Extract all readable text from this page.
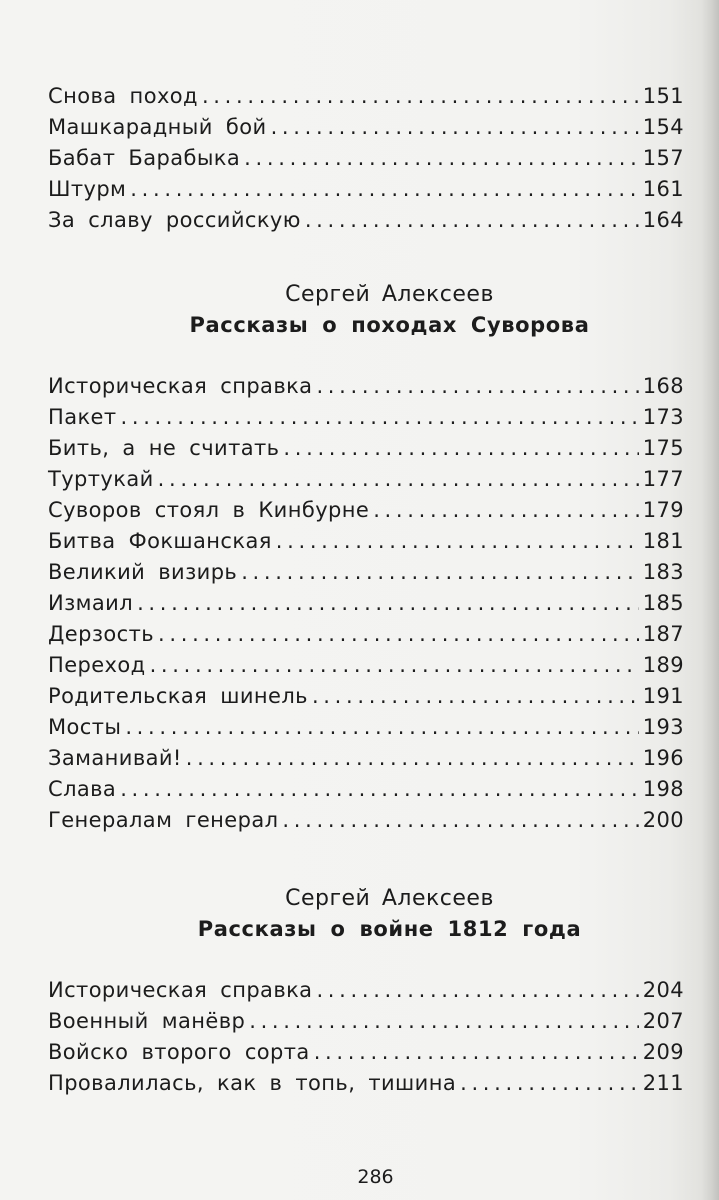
Снова поход . . .	151
Машкарадный бой . . .	154
Бабат Барабыка . . .	157
Штурм . . .	161
За славу российскую . . .	164
Сергей Алексеев
Рассказы о походах Суворова
Историческая справка . . .	168
Пакет . . .	173
Бить, а не считать . . .	175
Туртукай . . .	177
Суворов стоял в Кинбурне . . .	179
Битва Фокшанская . . .	181
Великий визирь . . .	183
Измаил . . .	185
Дерзость . . .	187
Переход . . .	189
Родительская шинель . . .	191
Мосты . . .	193
Заманивай! . . .	196
Слава . . .	198
Генералам генерал . . .	200
Сергей Алексеев
Рассказы о войне 1812 года
Историческая справка . . .	204
Военный манёвр . . .	207
Войско второго сорта . . .	209
Провалилась, как в топь, тишина . . .	211
286
